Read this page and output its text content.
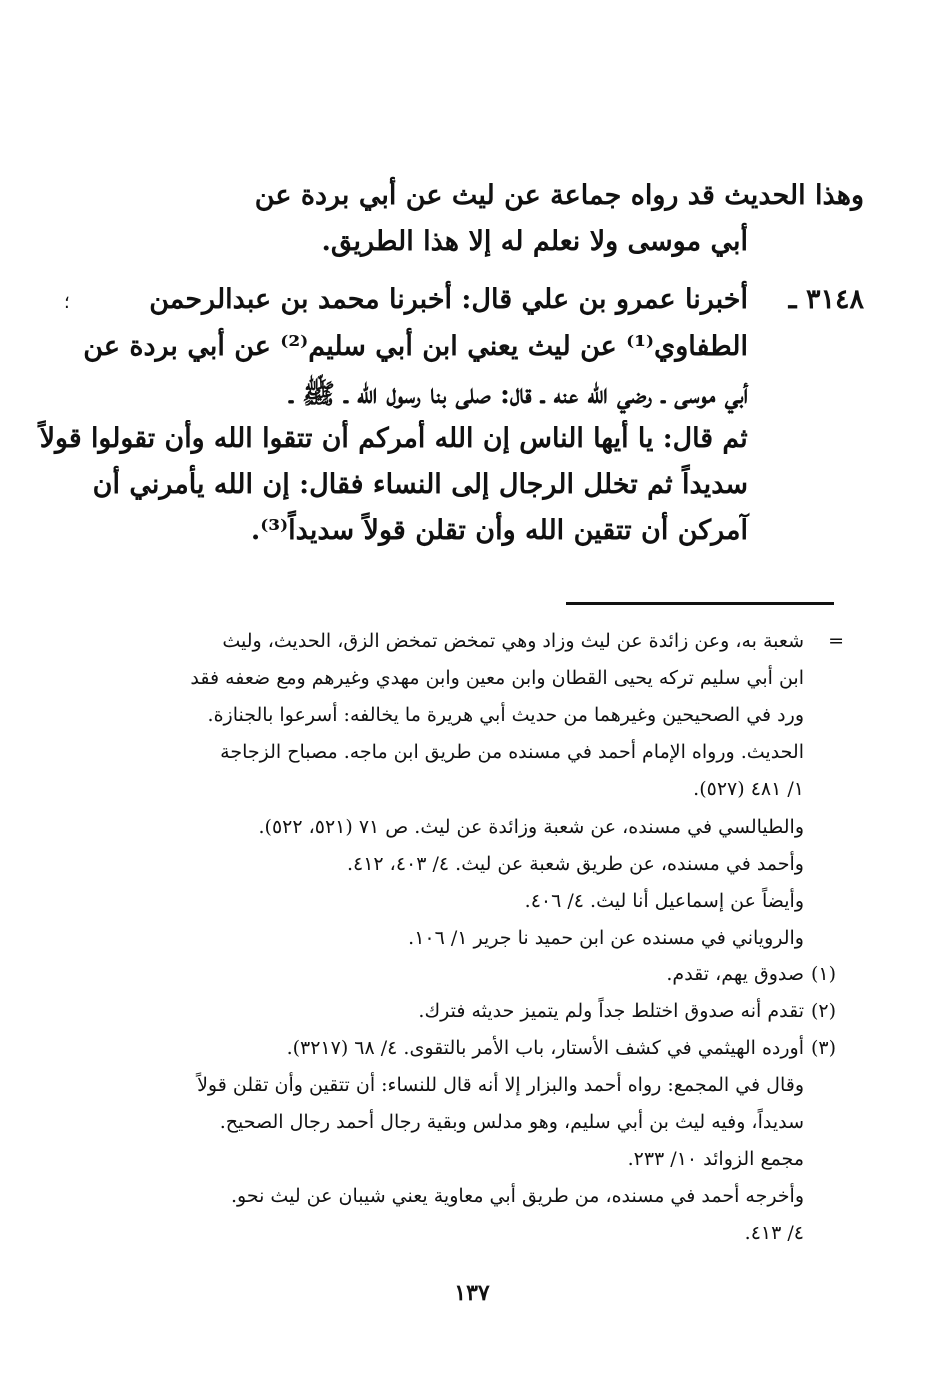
وهذا الحديث قد رواه جماعة عن ليث عن أبي بردة عن
أبي موسى ولا نعلم له إلا هذا الطريق.
٣١٤٨ ـ
أخبرنا عمرو بن علي قال: أخبرنا محمد بن عبدالرحمن
الطفاوي⁽¹⁾ عن ليث يعني ابن أبي سليم⁽²⁾ عن أبي بردة عن
أبي موسى ـ رضي الله عنه ـ قال: صلى بنا رسول الله ـ ﷺ ـ
ثم قال: يا أيها الناس إن الله أمركم أن تتقوا الله وأن تقولوا قولاً
سديداً ثم تخلل الرجال إلى النساء فقال: إن الله يأمرني أن
آمركن أن تتقين الله وأن تقلن قولاً سديداً⁽³⁾.
=
شعبة به، وعن زائدة عن ليث وزاد وهي تمخض تمخض الزق، الحديث، وليث
ابن أبي سليم تركه يحيى القطان وابن معين وابن مهدي وغيرهم ومع ضعفه فقد
ورد في الصحيحين وغيرهما من حديث أبي هريرة ما يخالفه: أسرعوا بالجنازة.
الحديث. ورواه الإمام أحمد في مسنده من طريق ابن ماجه. مصباح الزجاجة
١/ ٤٨١ (٥٢٧).
والطيالسي في مسنده، عن شعبة وزائدة عن ليث. ص ٧١ (٥٢١، ٥٢٢).
وأحمد في مسنده، عن طريق شعبة عن ليث. ٤/ ٤٠٣، ٤١٢.
وأيضاً عن إسماعيل أنا ليث. ٤/ ٤٠٦.
والروياني في مسنده عن ابن حميد نا جرير ١/ ١٠٦.
(١)
صدوق يهم، تقدم.
(٢)
تقدم أنه صدوق اختلط جداً ولم يتميز حديثه فترك.
(٣)
أورده الهيثمي في كشف الأستار، باب الأمر بالتقوى. ٤/ ٦٨ (٣٢١٧).
وقال في المجمع: رواه أحمد والبزار إلا أنه قال للنساء: أن تتقين وأن تقلن قولاً
سديداً، وفيه ليث بن أبي سليم، وهو مدلس وبقية رجال أحمد رجال الصحيح.
مجمع الزوائد ١٠/ ٢٣٣.
وأخرجه أحمد في مسنده، من طريق أبي معاوية يعني شيبان عن ليث نحو.
٤/ ٤١٣.
؛
١٣٧
